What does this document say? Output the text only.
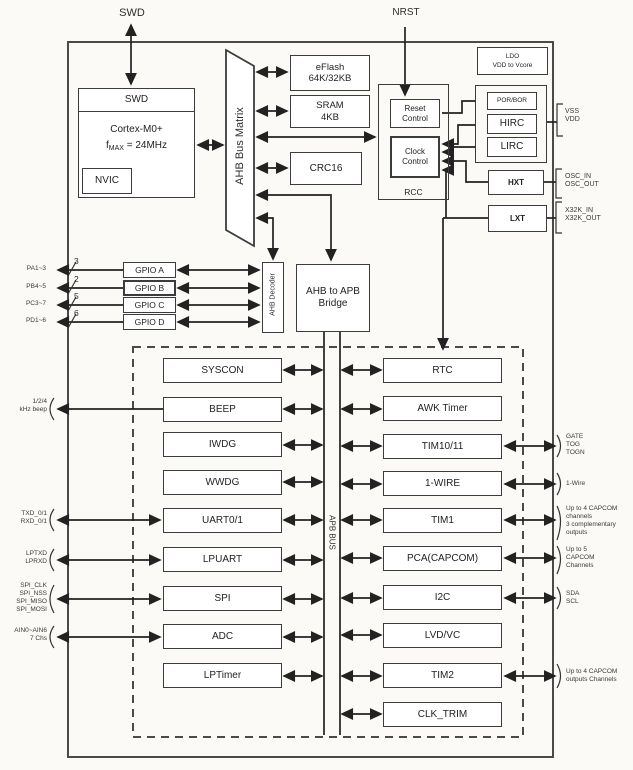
SWD	NRST
SWD
Cortex-M0+
$f_{MAX} = 24MHz$
NVIC	AHB Bus Matrix
eFlash
64K/32KB
SRAM
4KB
CRC16
RCC
Reset
Control
Clock
Control
LDO
VDD to Vcore
POR/BOR
HIRC
LIRC
HXT
LXT
VSS
VDD
OSC_IN
OSC_OUT
X32K_IN
X32K_OUT
GPIO A
GPIO B
GPIO C
GPIO D
PA1~3
PB4~5
PC3~7
PD1~6
3
2
5
6	AHB Decoder	AHB to APB
Bridge
APB BUS
SYSCON
BEEP
IWDG
WWDG
UART0/1
LPUART
SPI
ADC
LPTimer
RTC
AWK Timer
TIM10/11
1-WIRE
TIM1
PCA(CAPCOM)
I2C
LVD/VC
TIM2
CLK_TRIM
1/2/4
kHz beep
TXD_0/1
RXD_0/1
LPTXD
LPRXD
SPI_CLK
SPI_NSS
SPI_MISO
SPI_MOSI
AIN0~AIN6
7 Chs
GATE
TOG
TOGN
1-Wire
Up to 4 CAPCOM
channels
3 complementary
outputs
Up to 5
CAPCOM
Channels
SDA
SCL
Up to 4 CAPCOM
outputs Channels
